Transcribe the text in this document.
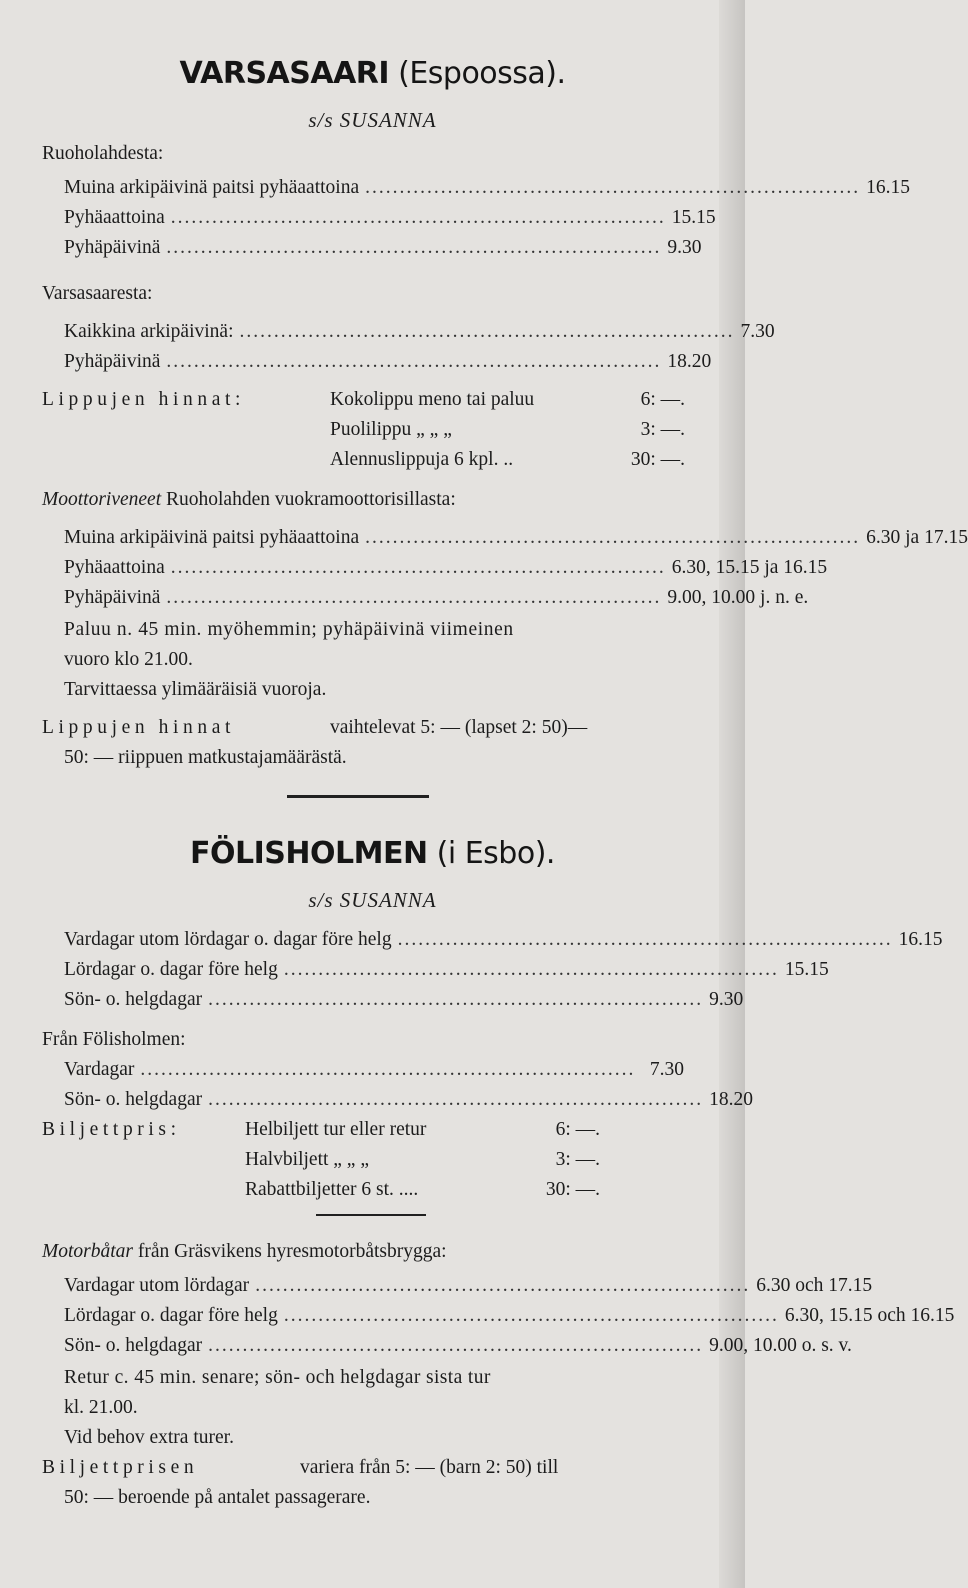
VARSASAARI (Espoossa).
s/s SUSANNA
Ruoholahdesta:
Muina arkipäivinä paitsi pyhäaattoina ........................................................................ 16.15
Pyhäaattoina ........................................................................ 15.15
Pyhäpäivinä ........................................................................ 9.30
Varsasaaresta:
Kaikkina arkipäivinä: ........................................................................ 7.30
Pyhäpäivinä ........................................................................ 18.20
Lippujen hinnat:	Kokolippu meno tai paluu	6: —.
Puolilippu „ „ „	3: —.
Alennuslippuja 6 kpl. ..	30: —.
Moottoriveneet Ruoholahden vuokramoottorisillasta:
Muina arkipäivinä paitsi pyhäaattoina ........................................................................ 6.30 ja 17.15
Pyhäaattoina ........................................................................ 6.30, 15.15 ja 16.15
Pyhäpäivinä ........................................................................ 9.00, 10.00 j. n. e.
Paluu n. 45 min. myöhemmin; pyhäpäivinä viimeinen
vuoro klo 21.00.
Tarvittaessa ylimääräisiä vuoroja.
Lippujen hinnat	vaihtelevat 5: — (lapset 2: 50)—
50: — riippuen matkustajamäärästä.
FÖLISHOLMEN (i Esbo).
s/s SUSANNA
Vardagar utom lördagar o. dagar före helg ........................................................................ 16.15
Lördagar o. dagar före helg ........................................................................ 15.15
Sön- o. helgdagar ........................................................................ 9.30
Från Fölisholmen:
Vardagar ........................................................................ 7.30
Sön- o. helgdagar ........................................................................ 18.20
Biljettpris:	Helbiljett tur eller retur	6: —.
Halvbiljett „ „ „	3: —.
Rabattbiljetter 6 st. ....	30: —.
Motorbåtar från Gräsvikens hyresmotorbåtsbrygga:
Vardagar utom lördagar ........................................................................ 6.30 och 17.15
Lördagar o. dagar före helg ........................................................................ 6.30, 15.15 och 16.15
Sön- o. helgdagar ........................................................................ 9.00, 10.00 o. s. v.
Retur c. 45 min. senare; sön- och helgdagar sista tur
kl. 21.00.
Vid behov extra turer.
Biljettprisen	variera från 5: — (barn 2: 50) till
50: — beroende på antalet passagerare.
